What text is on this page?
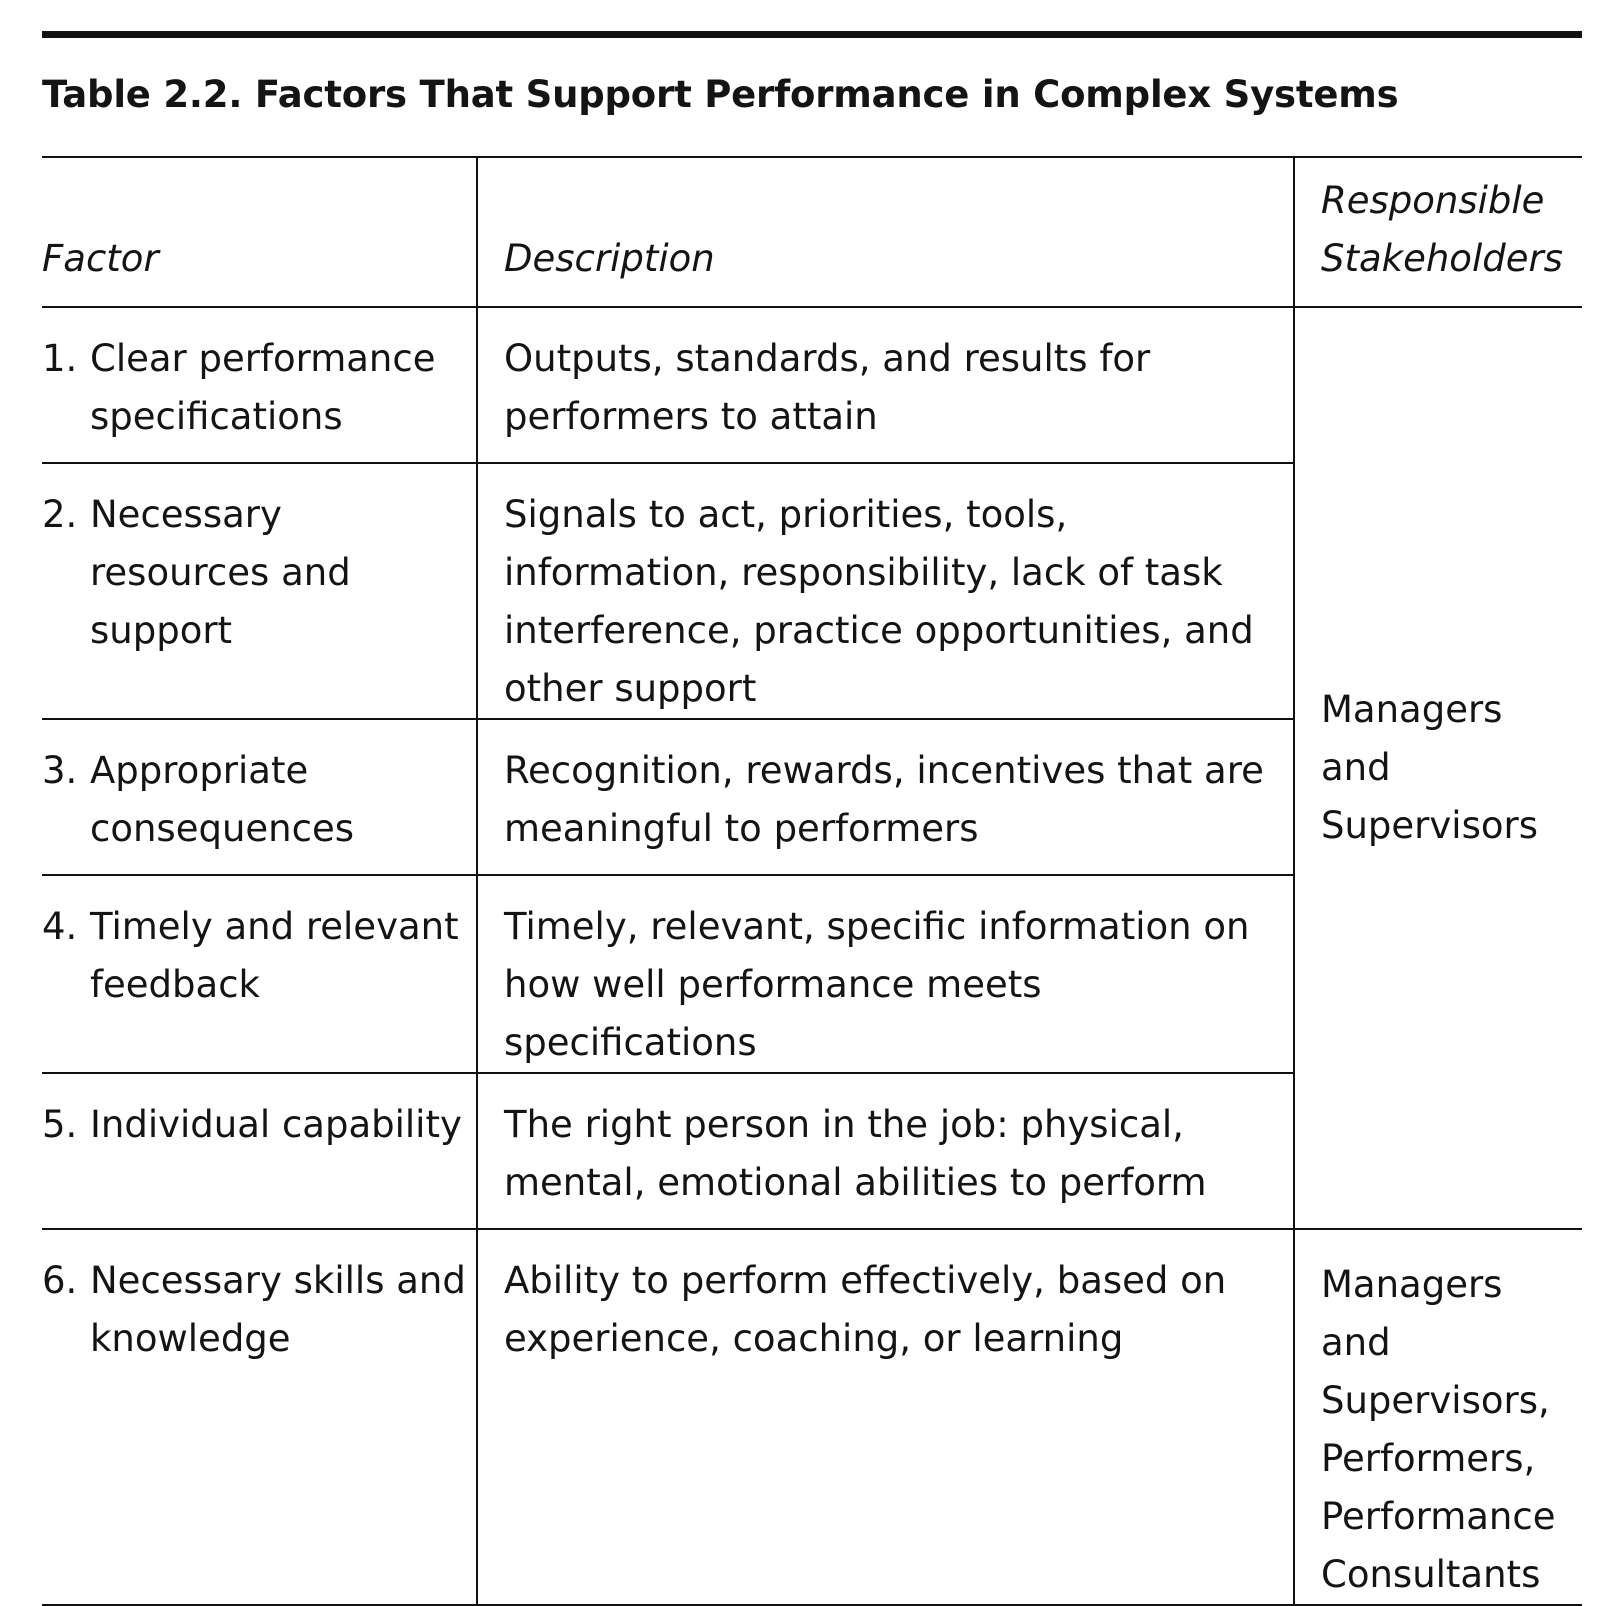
Table 2.2. Factors That Support Performance in Complex Systems
Factor	Description	Responsible Stakeholders

1. Clear performance specifications	Outputs, standards, and results for performers to attain	Managers and Supervisors

2. Necessary resources and support	Signals to act, priorities, tools, information, responsibility, lack of task interference, practice opportunities, and other support	

3. Appropriate consequences	Recognition, rewards, incentives that are meaningful to performers	

4. Timely and relevant feedback	Timely, relevant, specific information on how well performance meets specifications	

5. Individual capability	The right person in the job: physical, mental, emotional abilities to perform	

6. Necessary skills and knowledge	Ability to perform effectively, based on experience, coaching, or learning	Managers and Supervisors, Performers, Performance Consultants
